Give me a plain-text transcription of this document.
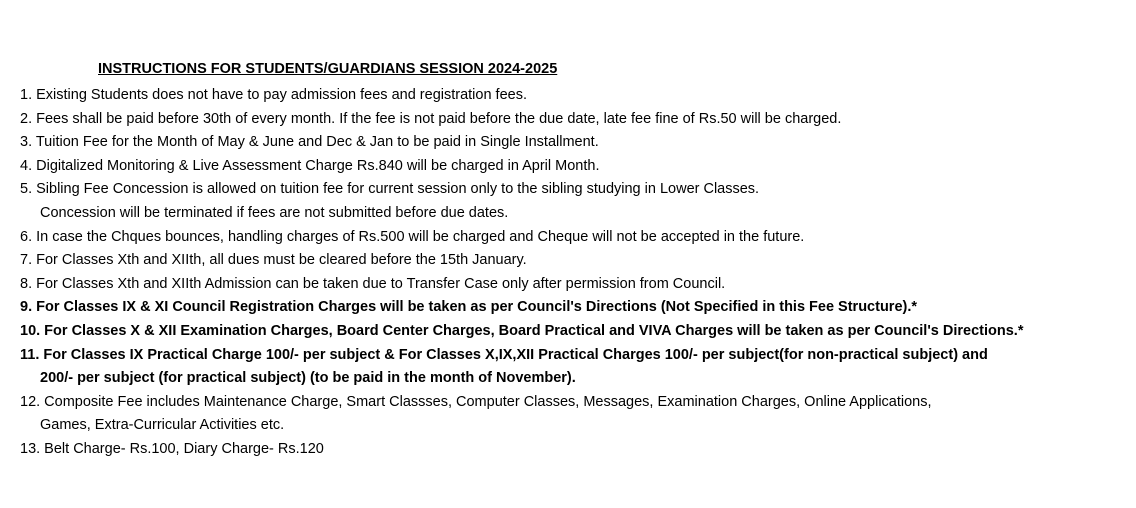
INSTRUCTIONS FOR STUDENTS/GUARDIANS SESSION 2024-2025
1. Existing Students does not have to pay admission fees and registration fees.
2. Fees shall be paid before 30th of every month. If the fee is not paid before the due date, late fee fine of Rs.50 will be charged.
3. Tuition Fee for the Month of May & June and Dec & Jan to be paid in Single Installment.
4. Digitalized Monitoring & Live Assessment Charge Rs.840 will be charged in April Month.
5. Sibling Fee Concession is allowed on tuition fee for current session only to the sibling studying in Lower Classes.
Concession will be terminated if fees are not submitted before due dates.
6. In case the Chques bounces, handling charges of Rs.500 will be charged and Cheque will not be accepted in the future.
7. For Classes Xth and XIIth, all dues must be cleared before the 15th January.
8. For Classes Xth and XIIth Admission can be taken due to Transfer Case only after permission from Council.
9. For Classes IX & XI Council Registration Charges will be taken as per Council's Directions (Not Specified in this Fee Structure).*
10. For Classes X & XII Examination Charges, Board Center Charges, Board Practical and VIVA Charges will be taken as per Council's Directions.*
11. For Classes IX Practical Charge 100/- per subject & For Classes X,IX,XII Practical Charges 100/- per subject(for non-practical subject) and
200/- per subject (for practical subject) (to be paid in the month of November).
12. Composite Fee includes Maintenance Charge, Smart Classses, Computer Classes, Messages, Examination Charges, Online Applications,
Games, Extra-Curricular Activities etc.
13. Belt Charge- Rs.100, Diary Charge- Rs.120
